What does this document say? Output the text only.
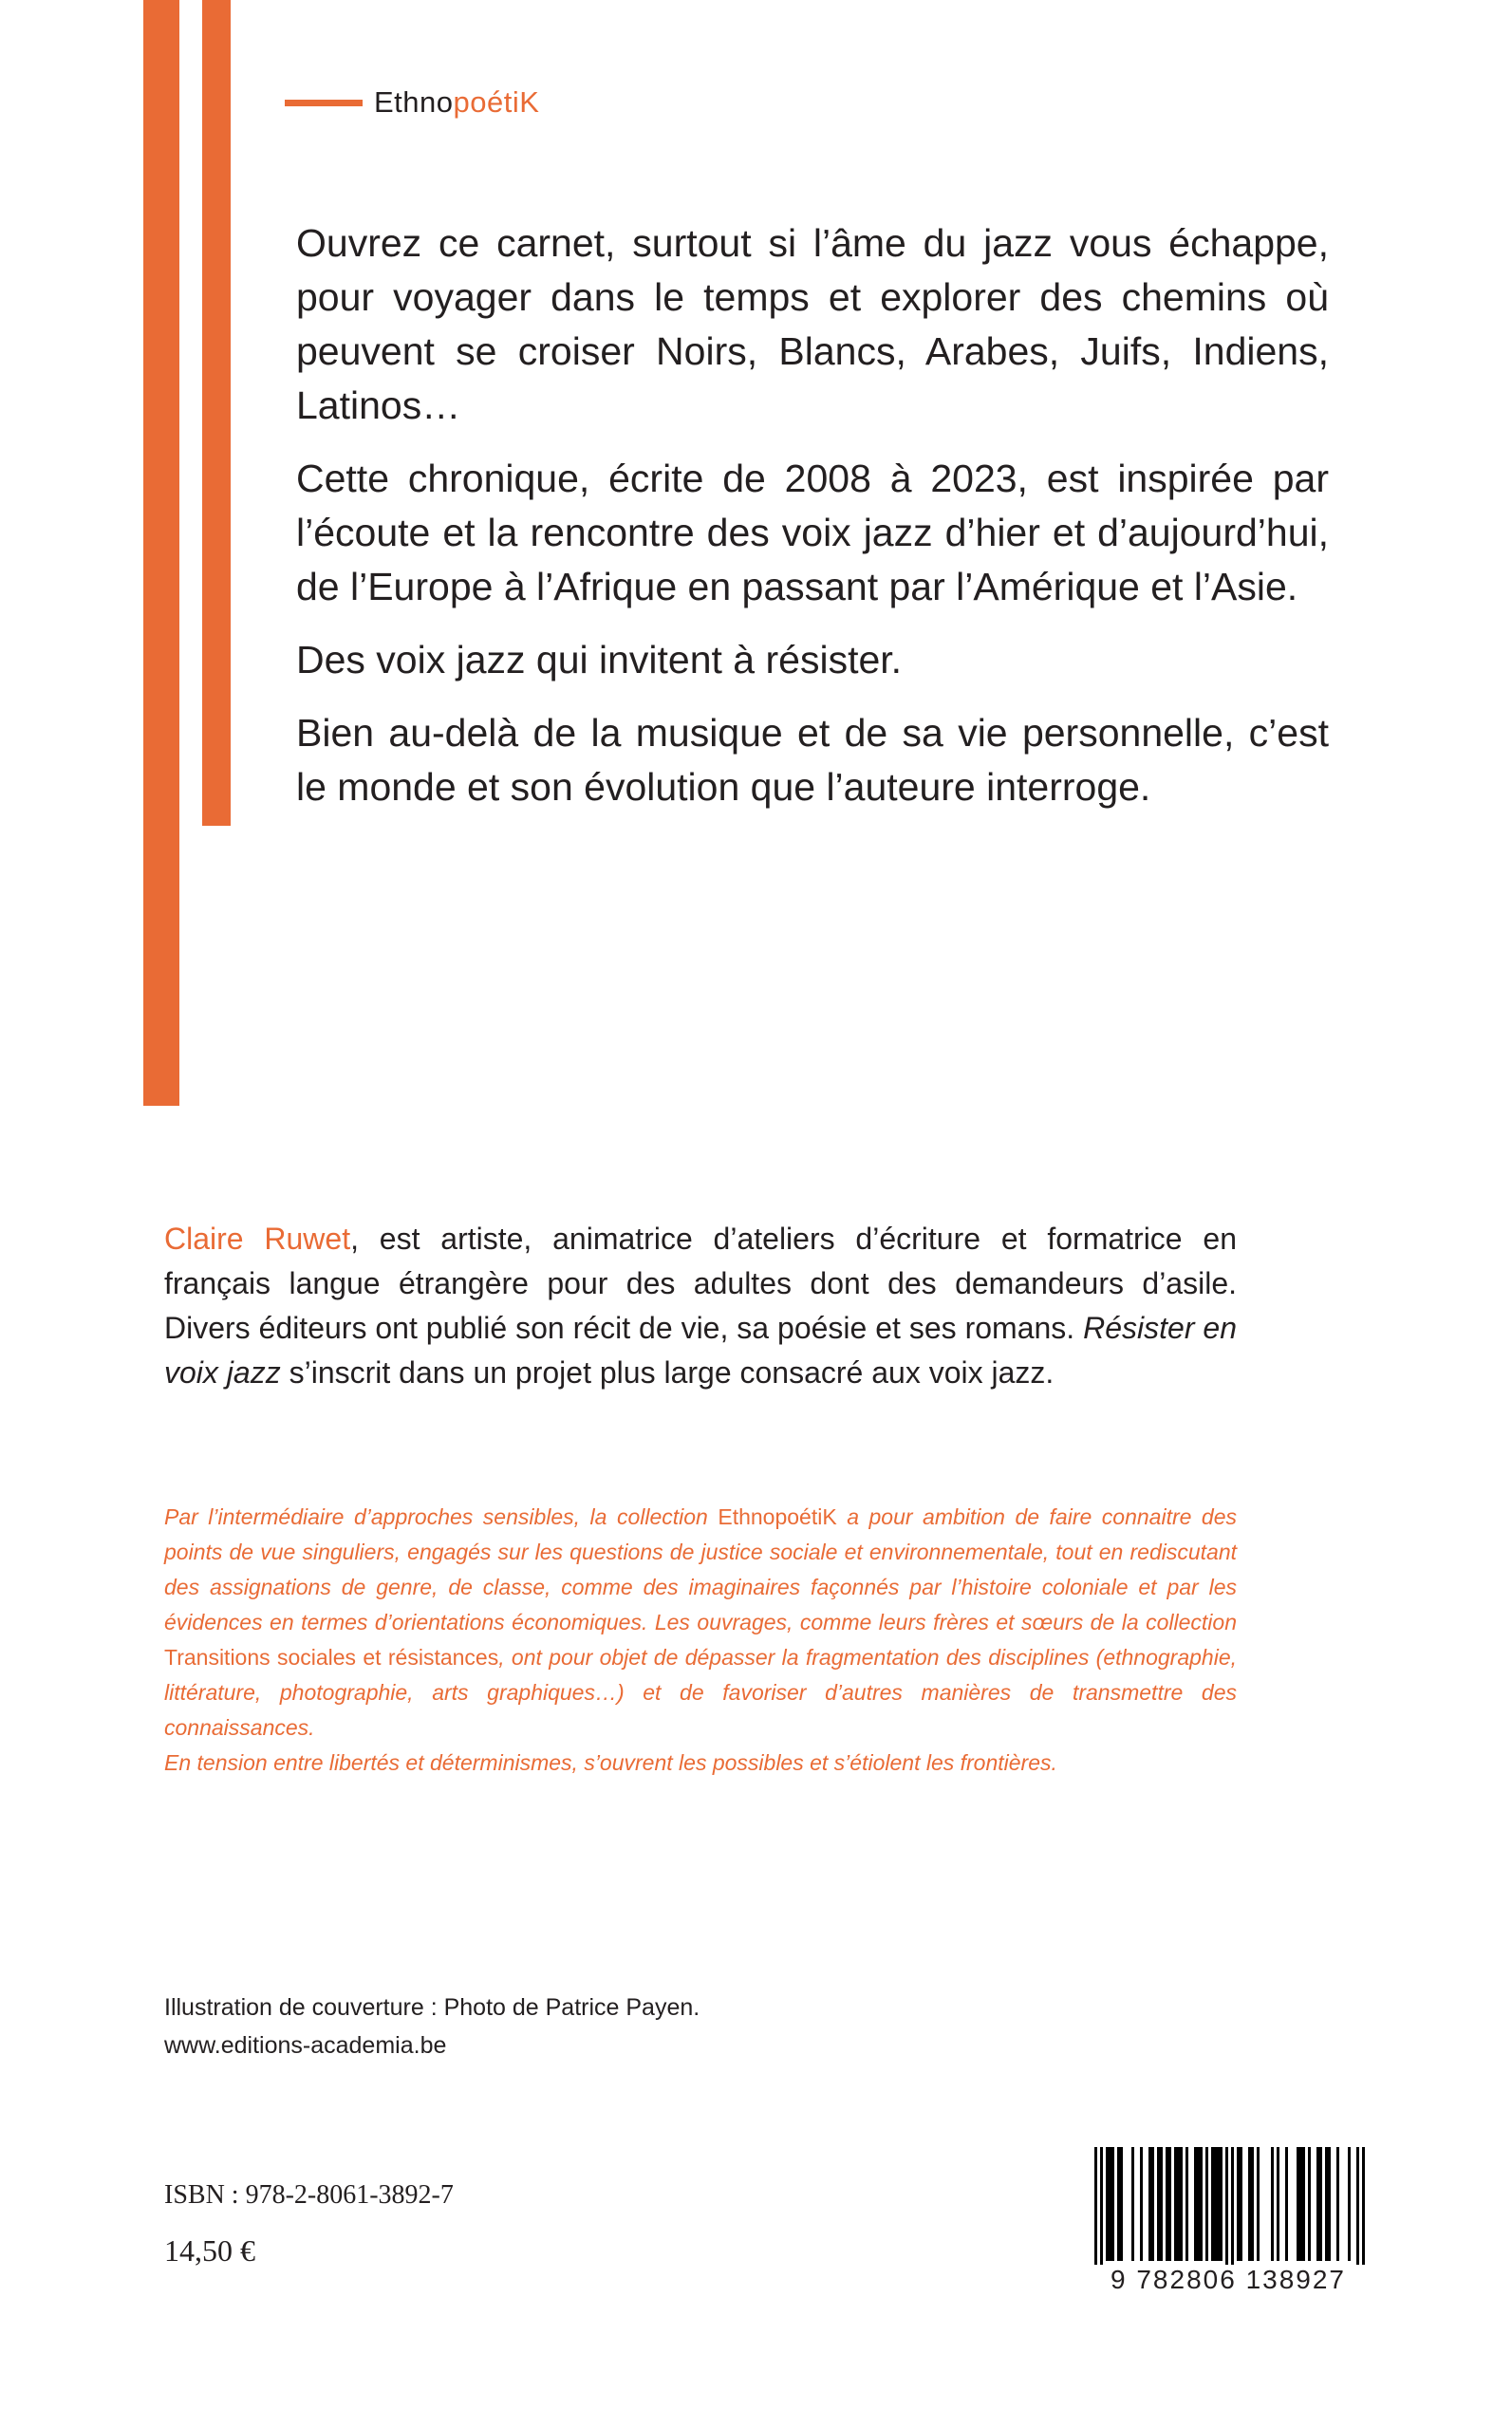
EthnopoétiK

Ouvrez ce carnet, surtout si l’âme du jazz vous échappe, pour voyager dans le temps et explorer des chemins où peuvent se croiser Noirs, Blancs, Arabes, Juifs, Indiens, Latinos…

Cette chronique, écrite de 2008 à 2023, est inspirée par l’écoute et la rencontre des voix jazz d’hier et d’aujourd’hui, de l’Europe à l’Afrique en passant par l’Amérique et l’Asie.

Des voix jazz qui invitent à résister.

Bien au-delà de la musique et de sa vie personnelle, c’est le monde et son évolution que l’auteure interroge.

Claire Ruwet, est artiste, animatrice d’ateliers d’écriture et formatrice en français langue étrangère pour des adultes dont des demandeurs d’asile. Divers éditeurs ont publié son récit de vie, sa poésie et ses romans. Résister en voix jazz s’inscrit dans un projet plus large consacré aux voix jazz.

Par l’intermédiaire d’approches sensibles, la collection EthnopoétiK a pour ambition de faire connaitre des points de vue singuliers, engagés sur les questions de justice sociale et environnementale, tout en rediscutant des assignations de genre, de classe, comme des imaginaires façonnés par l’histoire coloniale et par les évidences en termes d’orientations économiques. Les ouvrages, comme leurs frères et sœurs de la collection Transitions sociales et résistances, ont pour objet de dépasser la fragmentation des disciplines (ethnographie, littérature, photographie, arts graphiques…) et de favoriser d’autres manières de transmettre des connaissances.

En tension entre libertés et déterminismes, s’ouvrent les possibles et s’étiolent les frontières.

Illustration de couverture : Photo de Patrice Payen.
www.editions-academia.be
ISBN : 978-2-8061-3892-7
14,50 €
9 782806 138927
